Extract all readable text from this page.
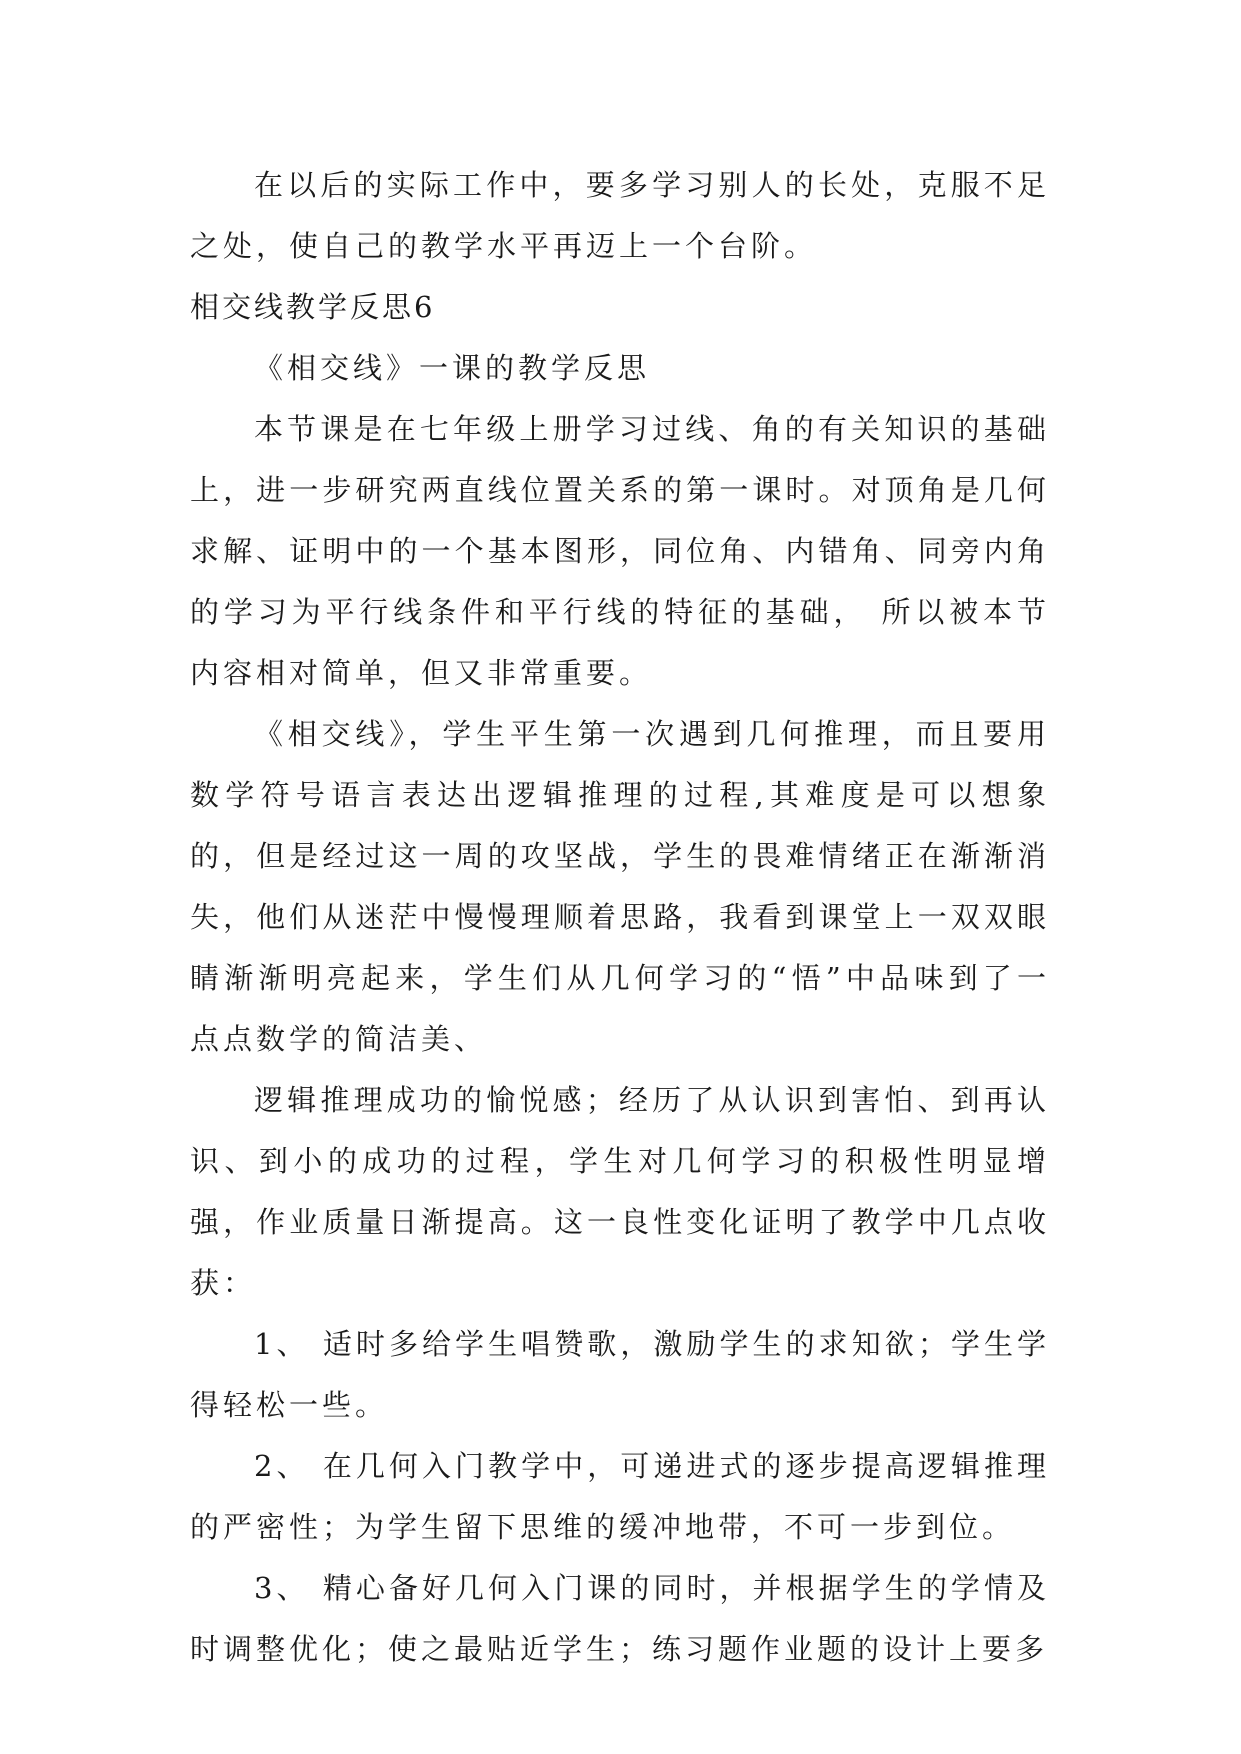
在以后的实际工作中，要多学习别人的长处，克服不足之处，使自己的教学水平再迈上一个台阶。

相交线教学反思6

《相交线》一课的教学反思

本节课是在七年级上册学习过线、角的有关知识的基础上，进一步研究两直线位置关系的第一课时。对顶角是几何求解、证明中的一个基本图形，同位角、内错角、同旁内角的学习为平行线条件和平行线的特征的基础， 所以被本节内容相对简单，但又非常重要。

《相交线》，学生平生第一次遇到几何推理，而且要用数学符号语言表达出逻辑推理的过程,其难度是可以想象的，但是经过这一周的攻坚战，学生的畏难情绪正在渐渐消失，他们从迷茫中慢慢理顺着思路，我看到课堂上一双双眼睛渐渐明亮起来，学生们从几何学习的“悟”中品味到了一点点数学的简洁美、

逻辑推理成功的愉悦感；经历了从认识到害怕、到再认识、到小的成功的过程，学生对几何学习的积极性明显增强，作业质量日渐提高。这一良性变化证明了教学中几点收获：

1、 适时多给学生唱赞歌，激励学生的求知欲；学生学得轻松一些。

2、 在几何入门教学中，可递进式的逐步提高逻辑推理的严密性；为学生留下思维的缓冲地带，不可一步到位。

3、 精心备好几何入门课的同时，并根据学生的学情及时调整优化；使之最贴近学生；练习题作业题的设计上要多
